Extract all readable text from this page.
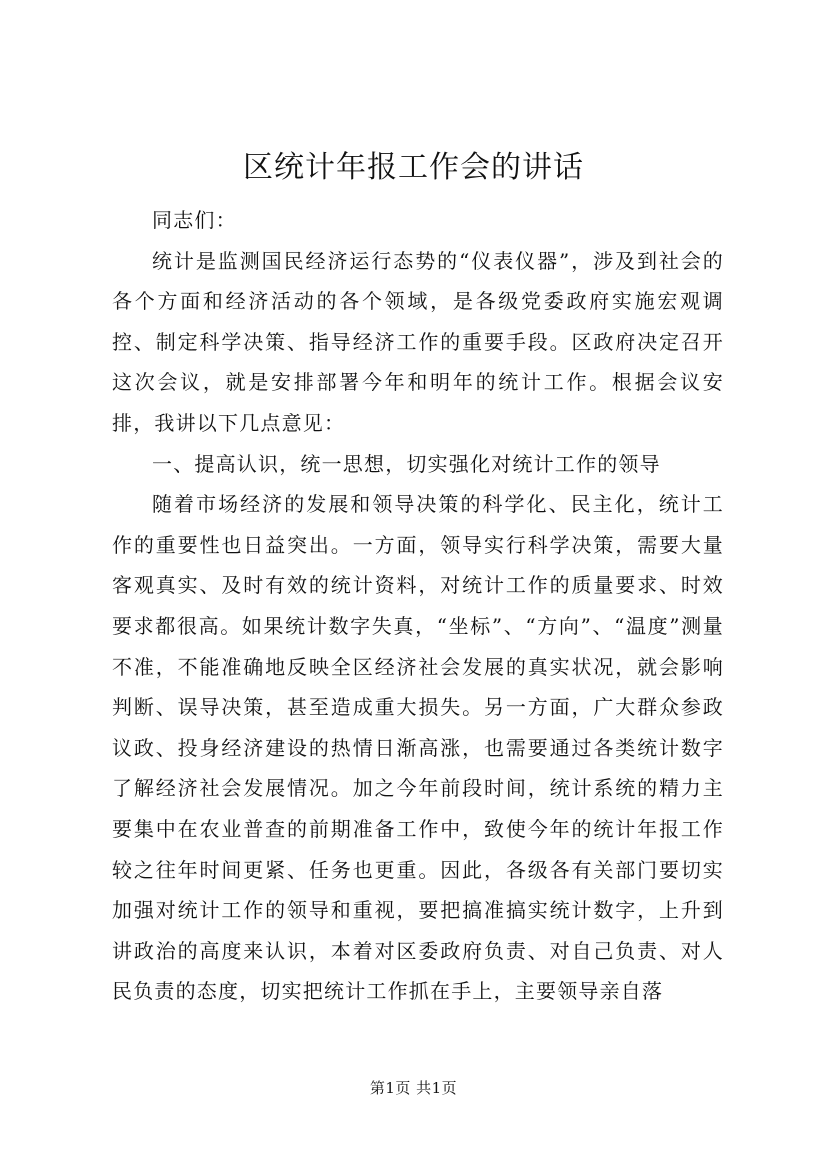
区统计年报工作会的讲话

同志们：

统计是监测国民经济运行态势的“仪表仪器”，涉及到社会的各个方面和经济活动的各个领域，是各级党委政府实施宏观调控、制定科学决策、指导经济工作的重要手段。区政府决定召开这次会议，就是安排部署今年和明年的统计工作。根据会议安排，我讲以下几点意见：

一、提高认识，统一思想，切实强化对统计工作的领导

随着市场经济的发展和领导决策的科学化、民主化，统计工作的重要性也日益突出。一方面，领导实行科学决策，需要大量客观真实、及时有效的统计资料，对统计工作的质量要求、时效要求都很高。如果统计数字失真，“坐标”、“方向”、“温度”测量不准，不能准确地反映全区经济社会发展的真实状况，就会影响判断、误导决策，甚至造成重大损失。另一方面，广大群众参政议政、投身经济建设的热情日渐高涨，也需要通过各类统计数字了解经济社会发展情况。加之今年前段时间，统计系统的精力主要集中在农业普查的前期准备工作中，致使今年的统计年报工作较之往年时间更紧、任务也更重。因此，各级各有关部门要切实加强对统计工作的领导和重视，要把搞准搞实统计数字，上升到讲政治的高度来认识，本着对区委政府负责、对自己负责、对人民负责的态度，切实把统计工作抓在手上，主要领导亲自落

第1页 共1页
